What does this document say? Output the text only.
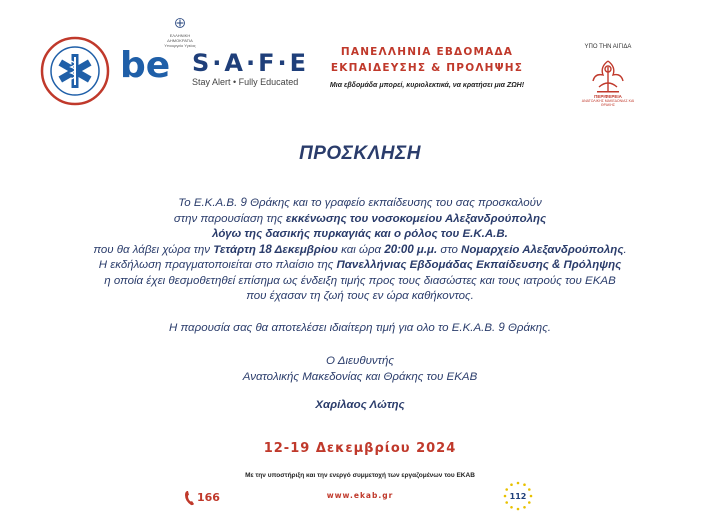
ΕΛΛΗΝΙΚΗ ΔΗΜΟΚΡΑΤΙΑ
Υπουργείο Υγείας
be S·A·F·E
Stay Alert • Fully Educated
ΠΑΝΕΛΛΗΝΙΑ ΕΒΔΟΜΑΔΑ
ΕΚΠΑΙΔΕΥΣΗΣ & ΠΡΟΛΗΨΗΣ
Μια εβδομάδα μπορεί, κυριολεκτικά, να κρατήσει μια ΖΩΗ!
ΥΠΟ ΤΗΝ ΑΙΓΙΔΑ
ΠΕΡΙΦΕΡΕΙΑ
ΑΝΑΤΟΛΙΚΗΣ ΜΑΚΕΔΟΝΙΑΣ ΚΑΙ ΘΡΑΚΗΣ
ΠΡΟΣΚΛΗΣΗ
Το Ε.Κ.Α.Β. 9 Θράκης και το γραφείο εκπαίδευσης του σας προσκαλούν
στην παρουσίαση της εκκένωσης του νοσοκομείου Αλεξανδρούπολης
λόγω της δασικής πυρκαγιάς και ο ρόλος του Ε.Κ.Α.Β.
που θα λάβει χώρα την Τετάρτη 18 Δεκεμβρίου και ώρα 20:00 μ.μ. στο Νομαρχείο Αλεξανδρούπολης.
Η εκδήλωση πραγματοποιείται στο πλαίσιο της Πανελλήνιας Εβδομάδας Εκπαίδευσης & Πρόληψης
η οποία έχει θεσμοθετηθεί επίσημα ως ένδειξη τιμής προς τους διασώστες και τους ιατρούς του ΕΚΑΒ
που έχασαν τη ζωή τους εν ώρα καθήκοντος.
Η παρουσία σας θα αποτελέσει ιδιαίτερη τιμή για ολο το Ε.Κ.Α.Β. 9 Θράκης.
Ο Διευθυντής
Ανατολικής Μακεδονίας και Θράκης του ΕΚΑΒ
Χαρίλαος Λώτης
12-19 Δεκεμβρίου 2024
Με την υποστήριξη και την ενεργό συμμετοχή των εργαζομένων του ΕΚΑΒ
166	www.ekab.gr	112
